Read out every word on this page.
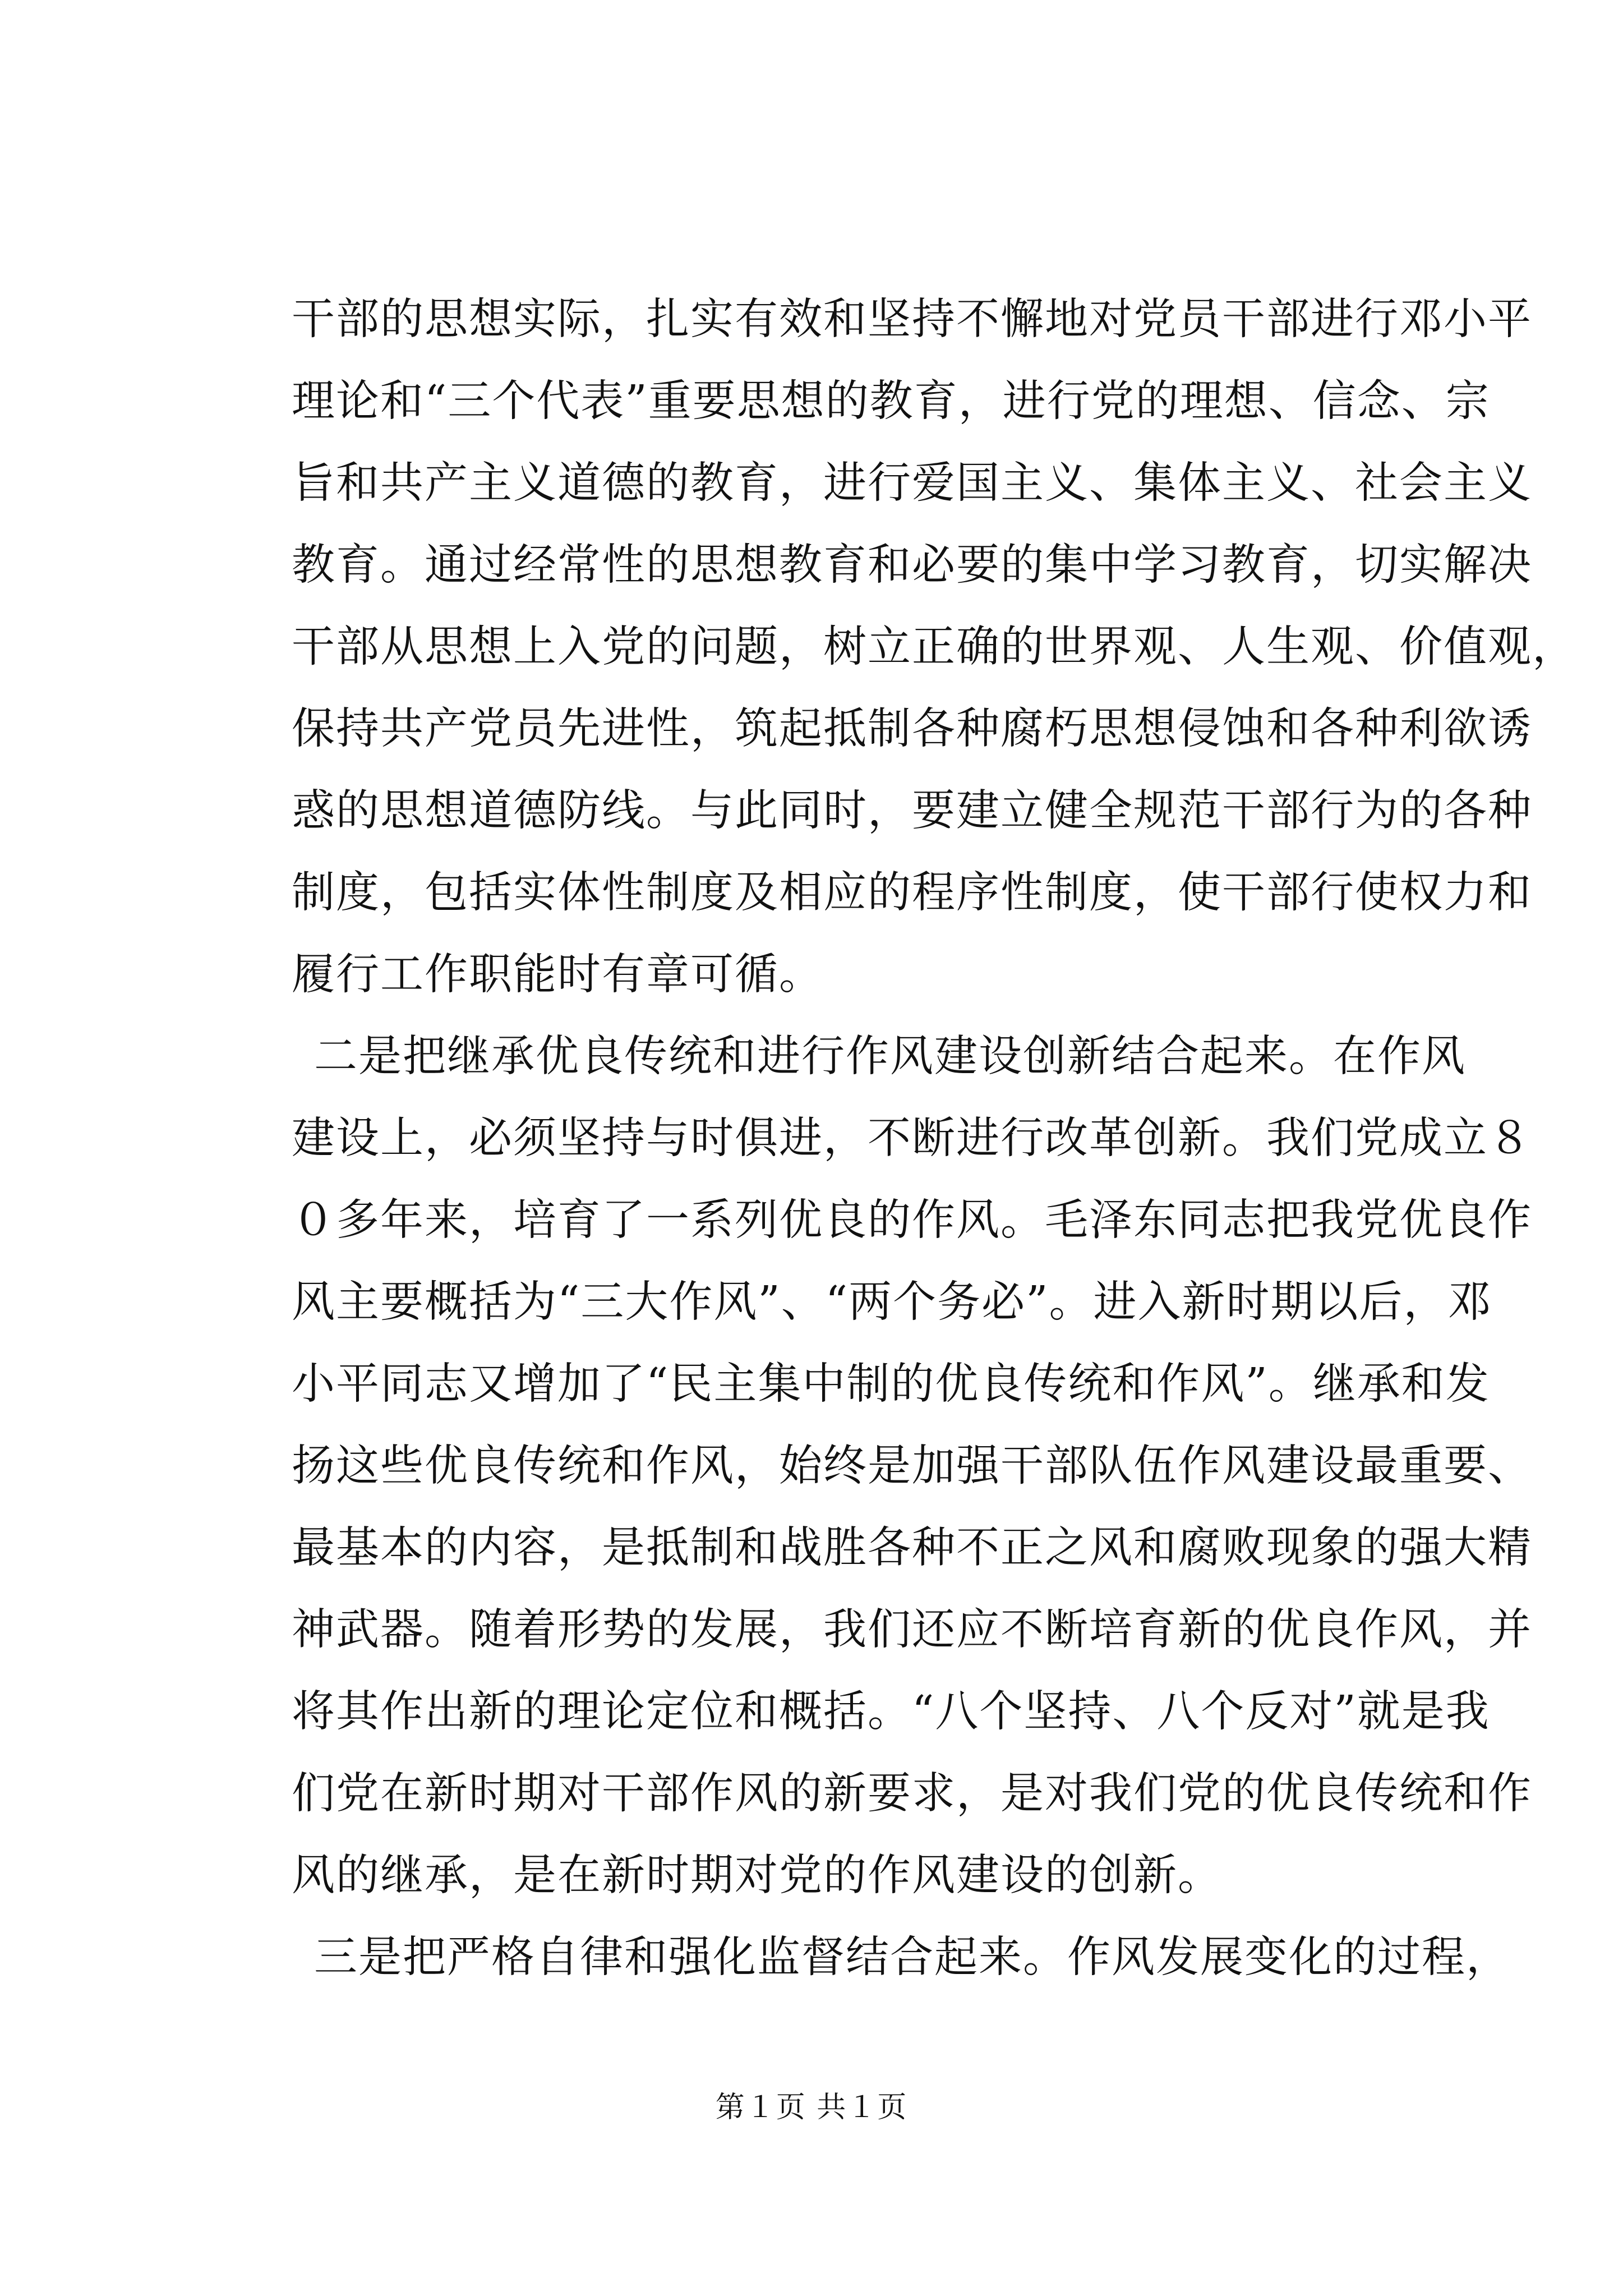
干部的思想实际，扎实有效和坚持不懈地对党员干部进行邓小平
理论和“三个代表”重要思想的教育，进行党的理想、信念、宗
旨和共产主义道德的教育，进行爱国主义、集体主义、社会主义
教育。通过经常性的思想教育和必要的集中学习教育，切实解决
干部从思想上入党的问题，树立正确的世界观、人生观、价值观，
保持共产党员先进性，筑起抵制各种腐朽思想侵蚀和各种利欲诱
惑的思想道德防线。与此同时，要建立健全规范干部行为的各种
制度，包括实体性制度及相应的程序性制度，使干部行使权力和
履行工作职能时有章可循。
二是把继承优良传统和进行作风建设创新结合起来。在作风
建设上，必须坚持与时俱进，不断进行改革创新。我们党成立８
０多年来，培育了一系列优良的作风。毛泽东同志把我党优良作
风主要概括为“三大作风”、“两个务必”。进入新时期以后，邓
小平同志又增加了“民主集中制的优良传统和作风”。继承和发
扬这些优良传统和作风，始终是加强干部队伍作风建设最重要、
最基本的内容，是抵制和战胜各种不正之风和腐败现象的强大精
神武器。随着形势的发展，我们还应不断培育新的优良作风，并
将其作出新的理论定位和概括。“八个坚持、八个反对”就是我
们党在新时期对干部作风的新要求，是对我们党的优良传统和作
风的继承，是在新时期对党的作风建设的创新。
三是把严格自律和强化监督结合起来。作风发展变化的过程，
第１页 共１页
